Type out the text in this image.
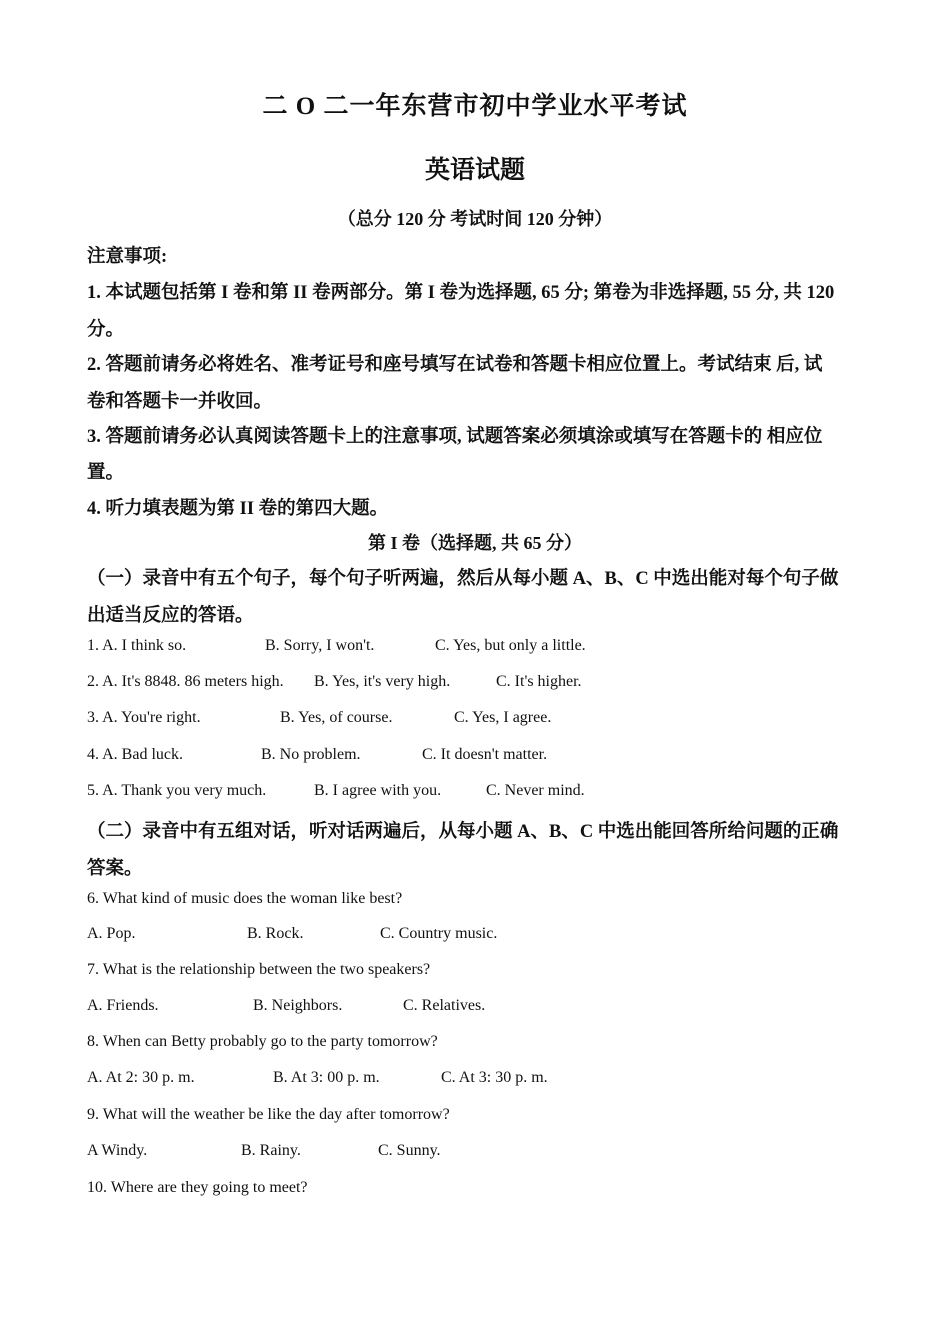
二 O 二一年东营市初中学业水平考试
英语试题
（总分 120 分 考试时间 120 分钟）
注意事项:
1. 本试题包括第 I 卷和第 II 卷两部分。第 I 卷为选择题, 65 分; 第卷为非选择题, 55 分, 共 120
分。
2. 答题前请务必将姓名、准考证号和座号填写在试卷和答题卡相应位置上。考试结束 后, 试
卷和答题卡一并收回。
3. 答题前请务必认真阅读答题卡上的注意事项, 试题答案必须填涂或填写在答题卡的 相应位
置。
4. 听力填表题为第 II 卷的第四大题。
第 I 卷（选择题, 共 65 分）
（一）录音中有五个句子，每个句子听两遍，然后从每小题 A、B、C 中选出能对每个句子做
出适当反应的答语。
1. A. I think so.	B. Sorry, I won't.	C. Yes, but only a little.
2. A. It's 8848. 86 meters high. B. Yes, it's very high.	C. It's higher.
3. A. You're right.	B. Yes, of course.	C. Yes, I agree.
4. A. Bad luck.	B. No problem.	C. It doesn't matter.
5. A. Thank you very much.	B. I agree with you.	C. Never mind.
（二）录音中有五组对话，听对话两遍后，从每小题 A、B、C 中选出能回答所给问题的正确
答案。
6. What kind of music does the woman like best?
A. Pop.	B. Rock.	C. Country music.
7. What is the relationship between the two speakers?
A. Friends.	B. Neighbors.	C. Relatives.
8. When can Betty probably go to the party tomorrow?
A. At 2: 30 p. m.	B. At 3: 00 p. m.	C. At 3: 30 p. m.
9. What will the weather be like the day after tomorrow?
A Windy.	B. Rainy.	C. Sunny.
10. Where are they going to meet?
